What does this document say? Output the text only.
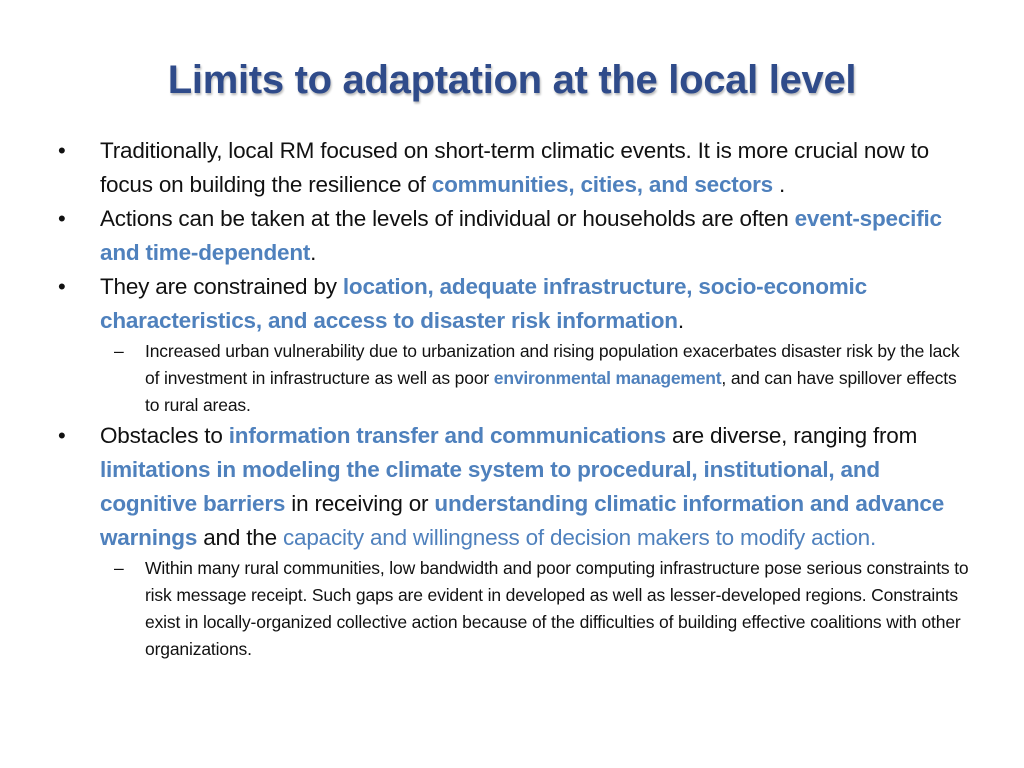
Limits to adaptation at the local level
•	Traditionally, local RM focused on short-term climatic events. It is more crucial now to focus on building the resilience of communities, cities, and sectors .
•	Actions can be taken at the levels of individual or households are often event-specific and time-dependent.
•	They are constrained by location, adequate infrastructure, socio-economic characteristics, and access to disaster risk information.
– Increased urban vulnerability due to urbanization and rising population exacerbates disaster risk by the lack of investment in infrastructure as well as poor environmental management, and can have spillover effects to rural areas.
•	Obstacles to information transfer and communications are diverse, ranging from limitations in modeling the climate system to procedural, institutional, and cognitive barriers in receiving or understanding climatic information and advance warnings and the capacity and willingness of decision makers to modify action.
– Within many rural communities, low bandwidth and poor computing infrastructure pose serious constraints to risk message receipt. Such gaps are evident in developed as well as lesser-developed regions. Constraints exist in locally-organized collective action because of the difficulties of building effective coalitions with other organizations.
